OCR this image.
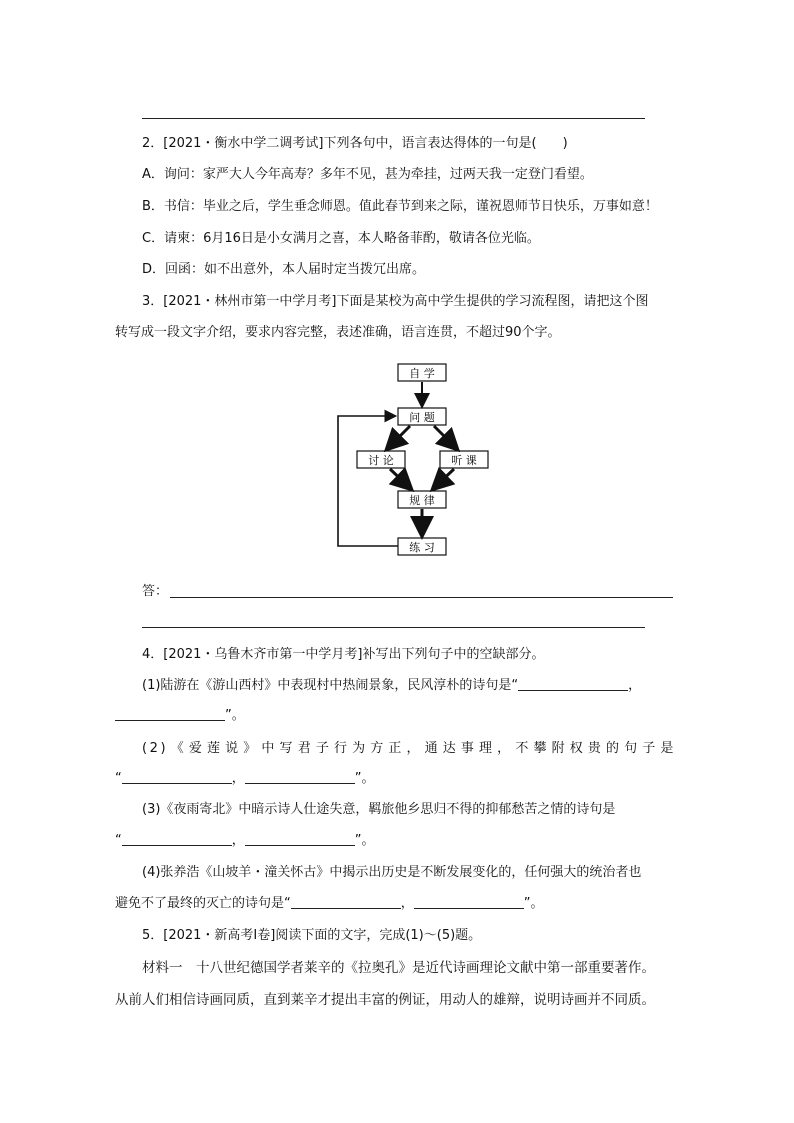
2．[2021・衡水中学二调考试]下列各句中，语言表达得体的一句是(　　)
A．询问：家严大人今年高寿？多年不见，甚为牵挂，过两天我一定登门看望。
B．书信：毕业之后，学生垂念师恩。值此春节到来之际，谨祝恩师节日快乐，万事如意！
C．请柬：6月16日是小女满月之喜，本人略备菲酌，敬请各位光临。
D．回函：如不出意外，本人届时定当拨冗出席。
3．[2021・林州市第一中学月考]下面是某校为高中学生提供的学习流程图，请把这个图
转写成一段文字介绍，要求内容完整，表述准确，语言连贯，不超过90个字。
自 学
问 题
讨 论	听 课
规 律
练 习
答：
4．[2021・乌鲁木齐市第一中学月考]补写出下列句子中的空缺部分。
(1)陆游在《游山西村》中表现村中热闹景象，民风淳朴的诗句是“	，
”。
(2)《爱莲说》中写君子行为方正，通达事理，不攀附权贵的句子是
“	，	”。
(3)《夜雨寄北》中暗示诗人仕途失意，羁旅他乡思归不得的抑郁愁苦之情的诗句是
“	，	”。
(4)张养浩《山坡羊・潼关怀古》中揭示出历史是不断发展变化的，任何强大的统治者也
避免不了最终的灭亡的诗句是“	，	”。
5．[2021・新高考Ⅰ卷]阅读下面的文字，完成(1)～(5)题。
材料一　十八世纪德国学者莱辛的《拉奥孔》是近代诗画理论文献中第一部重要著作。
从前人们相信诗画同质，直到莱辛才提出丰富的例证，用动人的雄辩，说明诗画并不同质。
